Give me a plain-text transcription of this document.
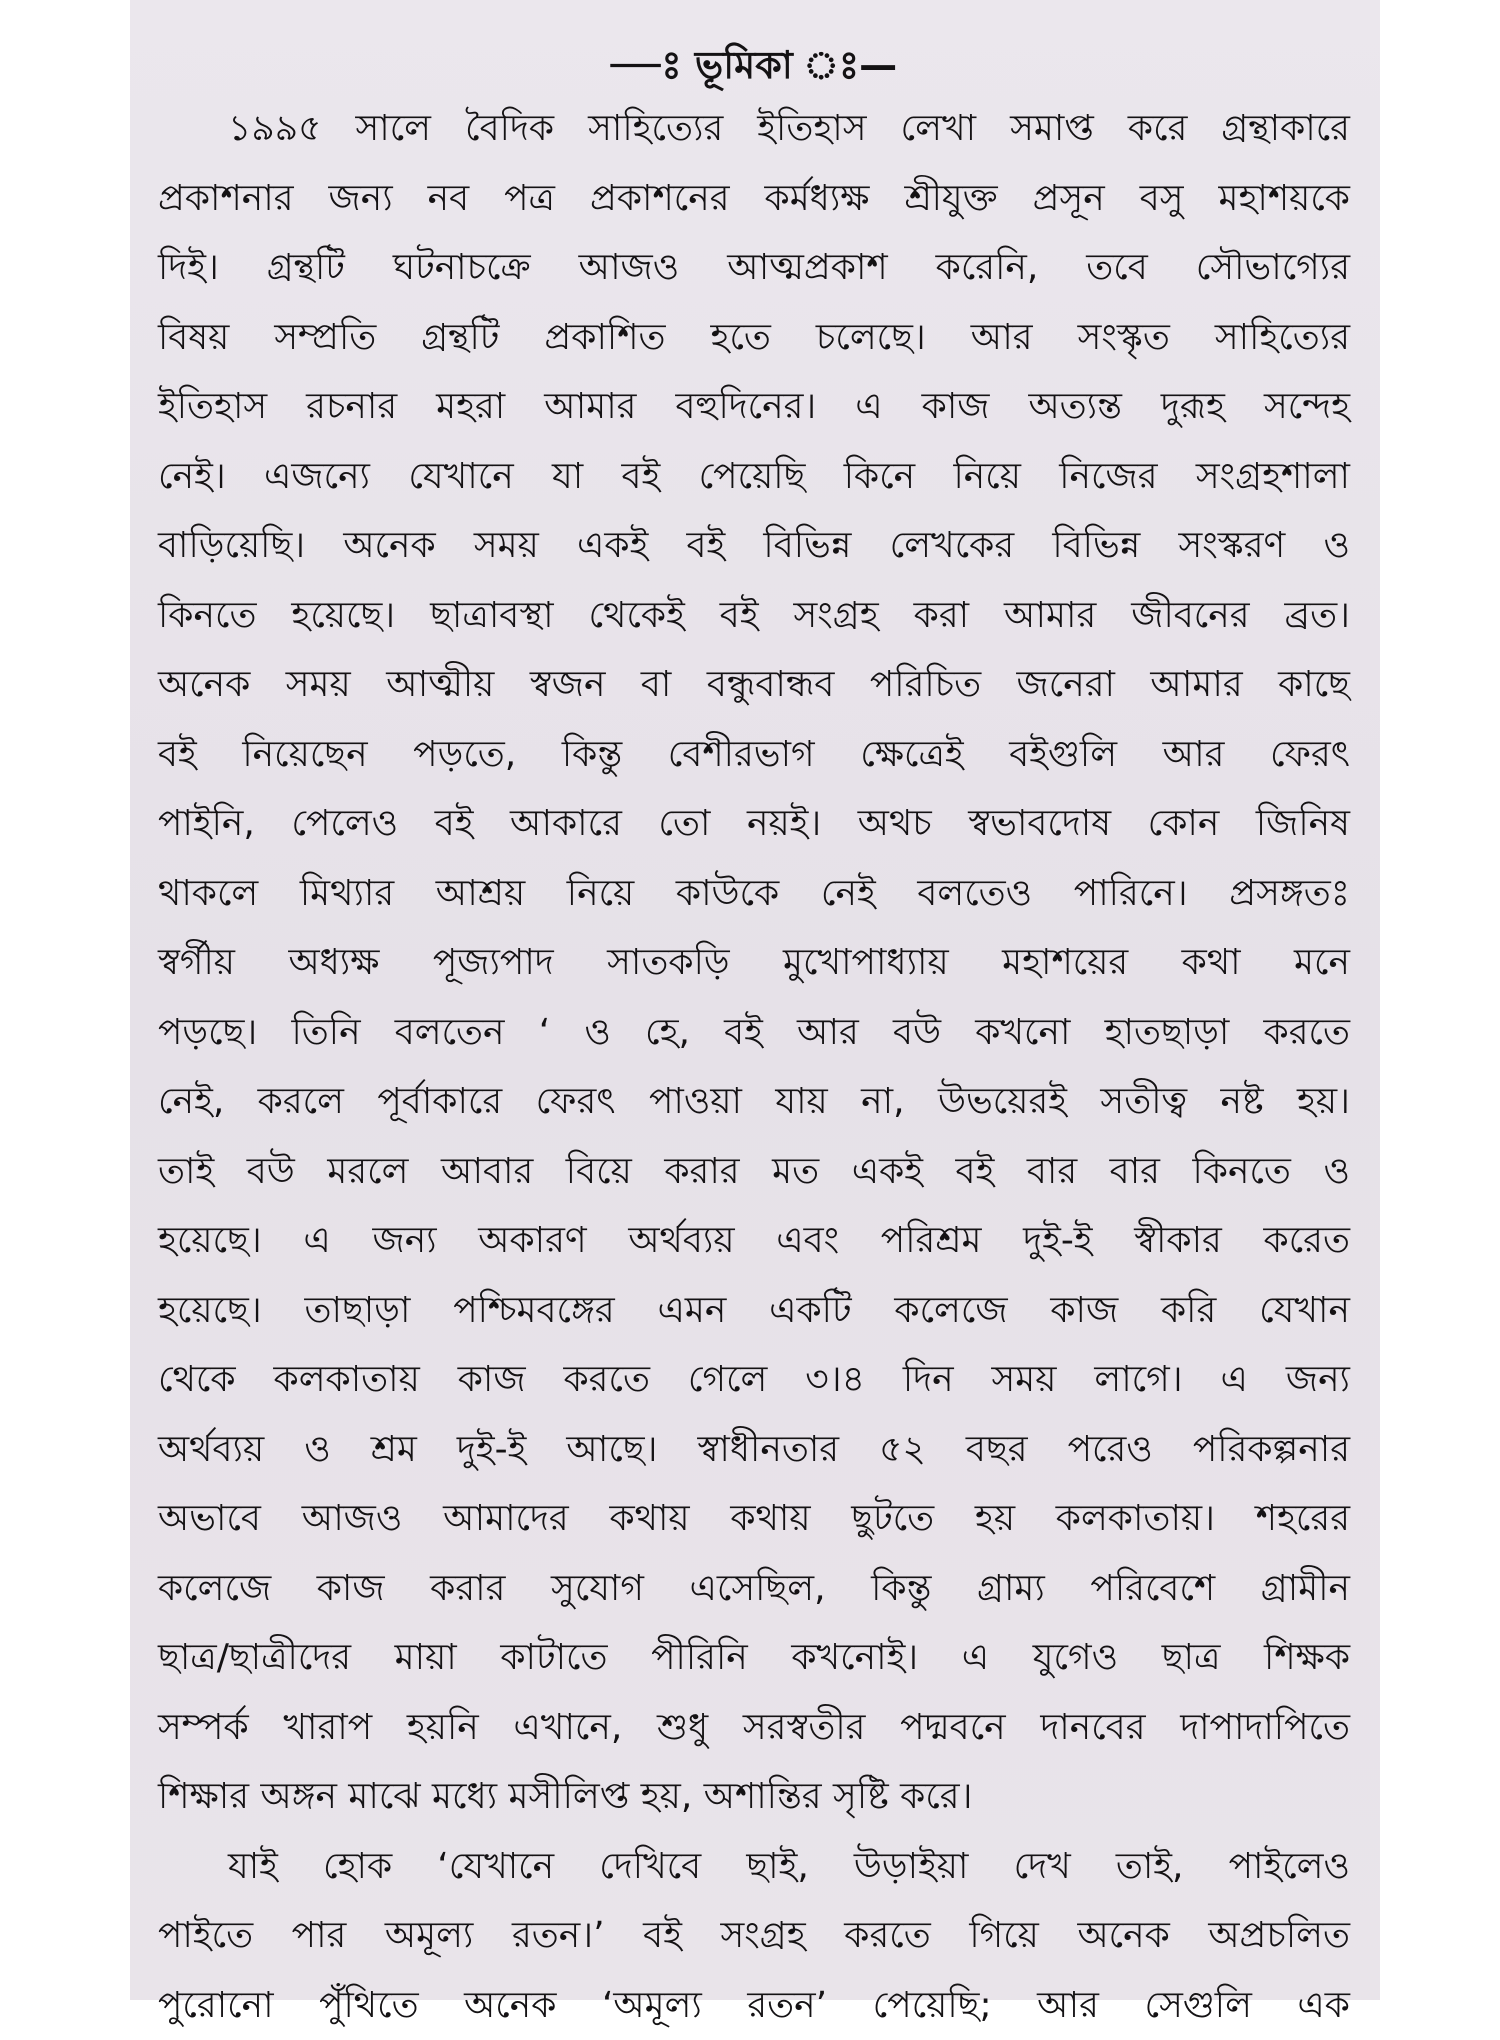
—ঃ ভূমিকা ঃ—
১৯৯৫ সালে বৈদিক সাহিত্যের ইতিহাস লেখা সমাপ্ত করে গ্রন্থাকারে
প্রকাশনার জন্য নব পত্র প্রকাশনের কর্মধ্যক্ষ শ্রীযুক্ত প্রসূন বসু মহাশয়কে
দিই। গ্রন্থটি ঘটনাচক্রে আজও আত্মপ্রকাশ করেনি, তবে সৌভাগ্যের
বিষয় সম্প্রতি গ্রন্থটি প্রকাশিত হতে চলেছে। আর সংস্কৃত সাহিত্যের
ইতিহাস রচনার মহরা আমার বহুদিনের। এ কাজ অত্যন্ত দুরূহ সন্দেহ
নেই। এজন্যে যেখানে যা বই পেয়েছি কিনে নিয়ে নিজের সংগ্রহশালা
বাড়িয়েছি। অনেক সময় একই বই বিভিন্ন লেখকের বিভিন্ন সংস্করণ ও
কিনতে হয়েছে। ছাত্রাবস্থা থেকেই বই সংগ্রহ করা আমার জীবনের ব্রত।
অনেক সময় আত্মীয় স্বজন বা বন্ধুবান্ধব পরিচিত জনেরা আমার কাছে
বই নিয়েছেন পড়তে, কিন্তু বেশীরভাগ ক্ষেত্রেই বইগুলি আর ফেরৎ
পাইনি, পেলেও বই আকারে তো নয়ই। অথচ স্বভাবদোষ কোন জিনিষ
থাকলে মিথ্যার আশ্রয় নিয়ে কাউকে নেই বলতেও পারিনে। প্রসঙ্গতঃ
স্বর্গীয় অধ্যক্ষ পূজ্যপাদ সাতকড়ি মুখোপাধ্যায় মহাশয়ের কথা মনে
পড়ছে। তিনি বলতেন ‘ ও হে, বই আর বউ কখনো হাতছাড়া করতে
নেই, করলে পূর্বাকারে ফেরৎ পাওয়া যায় না, উভয়েরই সতীত্ব নষ্ট হয়।
তাই বউ মরলে আবার বিয়ে করার মত একই বই বার বার কিনতে ও
হয়েছে। এ জন্য অকারণ অর্থব্যয় এবং পরিশ্রম দুই-ই স্বীকার করেত
হয়েছে। তাছাড়া পশ্চিমবঙ্গের এমন একটি কলেজে কাজ করি যেখান
থেকে কলকাতায় কাজ করতে গেলে ৩।৪ দিন সময় লাগে। এ জন্য
অর্থব্যয় ও শ্রম দুই-ই আছে। স্বাধীনতার ৫২ বছর পরেও পরিকল্পনার
অভাবে আজও আমাদের কথায় কথায় ছুটতে হয় কলকাতায়। শহরের
কলেজে কাজ করার সুযোগ এসেছিল, কিন্তু গ্রাম্য পরিবেশে গ্রামীন
ছাত্র/ছাত্রীদের মায়া কাটাতে পীরিনি কখনোই। এ যুগেও ছাত্র শিক্ষক
সম্পর্ক খারাপ হয়নি এখানে, শুধু সরস্বতীর পদ্মবনে দানবের দাপাদাপিতে
শিক্ষার অঙ্গন মাঝে মধ্যে মসীলিপ্ত হয়, অশান্তির সৃষ্টি করে।
যাই হোক ‘যেখানে দেখিবে ছাই, উড়াইয়া দেখ তাই, পাইলেও
পাইতে পার অমূল্য রতন।’ বই সংগ্রহ করতে গিয়ে অনেক অপ্রচলিত
পুরোনো পুঁথিতে অনেক ‘অমূল্য রতন’ পেয়েছি; আর সেগুলি এক
